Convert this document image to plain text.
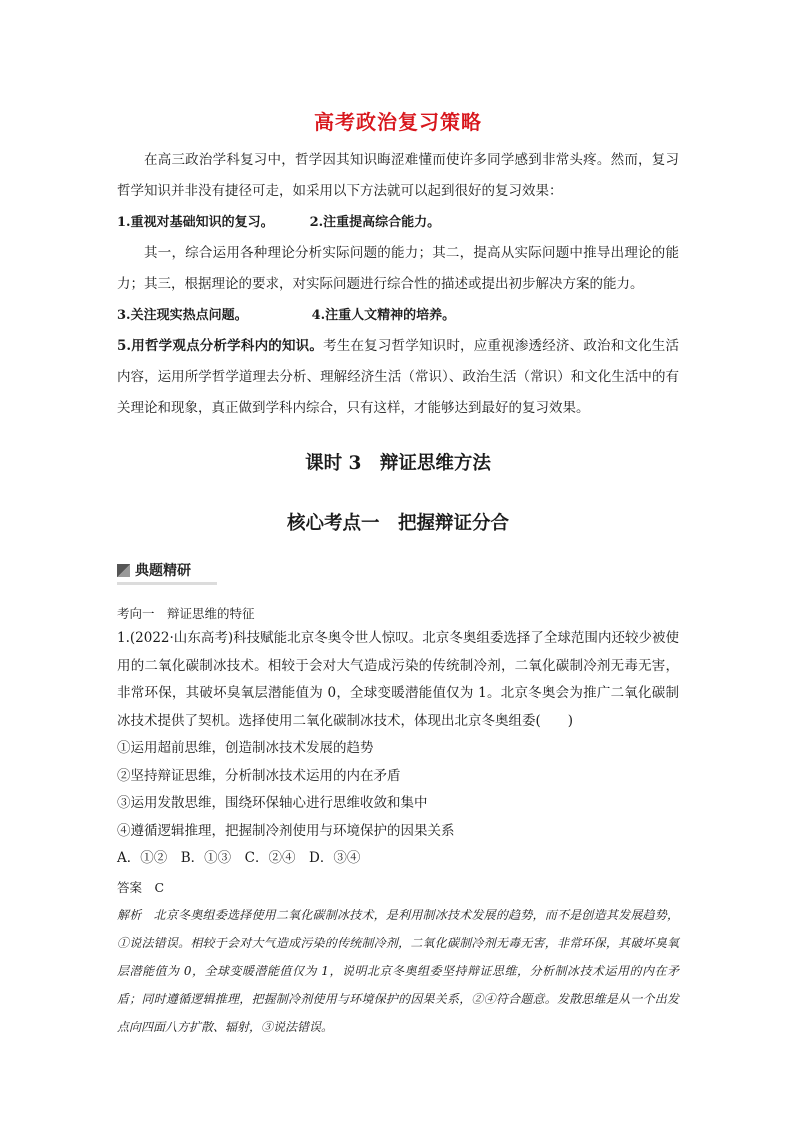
高考政治复习策略

在高三政治学科复习中，哲学因其知识晦涩难懂而使许多同学感到非常头疼。然而，复习哲学知识并非没有捷径可走，如采用以下方法就可以起到很好的复习效果：

1.重视对基础知识的复习。	2.注重提高综合能力。

其一，综合运用各种理论分析实际问题的能力；其二，提高从实际问题中推导出理论的能力；其三，根据理论的要求，对实际问题进行综合性的描述或提出初步解决方案的能力。

3.关注现实热点问题。	4.注重人文精神的培养。

5.用哲学观点分析学科内的知识。考生在复习哲学知识时，应重视渗透经济、政治和文化生活内容，运用所学哲学道理去分析、理解经济生活（常识）、政治生活（常识）和文化生活中的有关理论和现象，真正做到学科内综合，只有这样，才能够达到最好的复习效果。

课时 3　辩证思维方法
核心考点一　把握辩证分合
典题精研
考向一　辩证思维的特征

1.(2022·山东高考)科技赋能北京冬奥令世人惊叹。北京冬奥组委选择了全球范围内还较少被使用的二氧化碳制冰技术。相较于会对大气造成污染的传统制冷剂，二氧化碳制冷剂无毒无害，非常环保，其破坏臭氧层潜能值为 0，全球变暖潜能值仅为 1。北京冬奥会为推广二氧化碳制冰技术提供了契机。选择使用二氧化碳制冰技术，体现出北京冬奥组委(　　)

①运用超前思维，创造制冰技术发展的趋势

②坚持辩证思维，分析制冰技术运用的内在矛盾

③运用发散思维，围绕环保轴心进行思维收敛和集中

④遵循逻辑推理，把握制冷剂使用与环境保护的因果关系

A．①②　B．①③　C．②④　D．③④

答案　C

解析　北京冬奥组委选择使用二氧化碳制冰技术，是利用制冰技术发展的趋势，而不是创造其发展趋势，①说法错误。相较于会对大气造成污染的传统制冷剂，二氧化碳制冷剂无毒无害，非常环保，其破坏臭氧层潜能值为 0，全球变暖潜能值仅为 1，说明北京冬奥组委坚持辩证思维，分析制冰技术运用的内在矛盾；同时遵循逻辑推理，把握制冷剂使用与环境保护的因果关系，②④符合题意。发散思维是从一个出发点向四面八方扩散、辐射，③说法错误。
